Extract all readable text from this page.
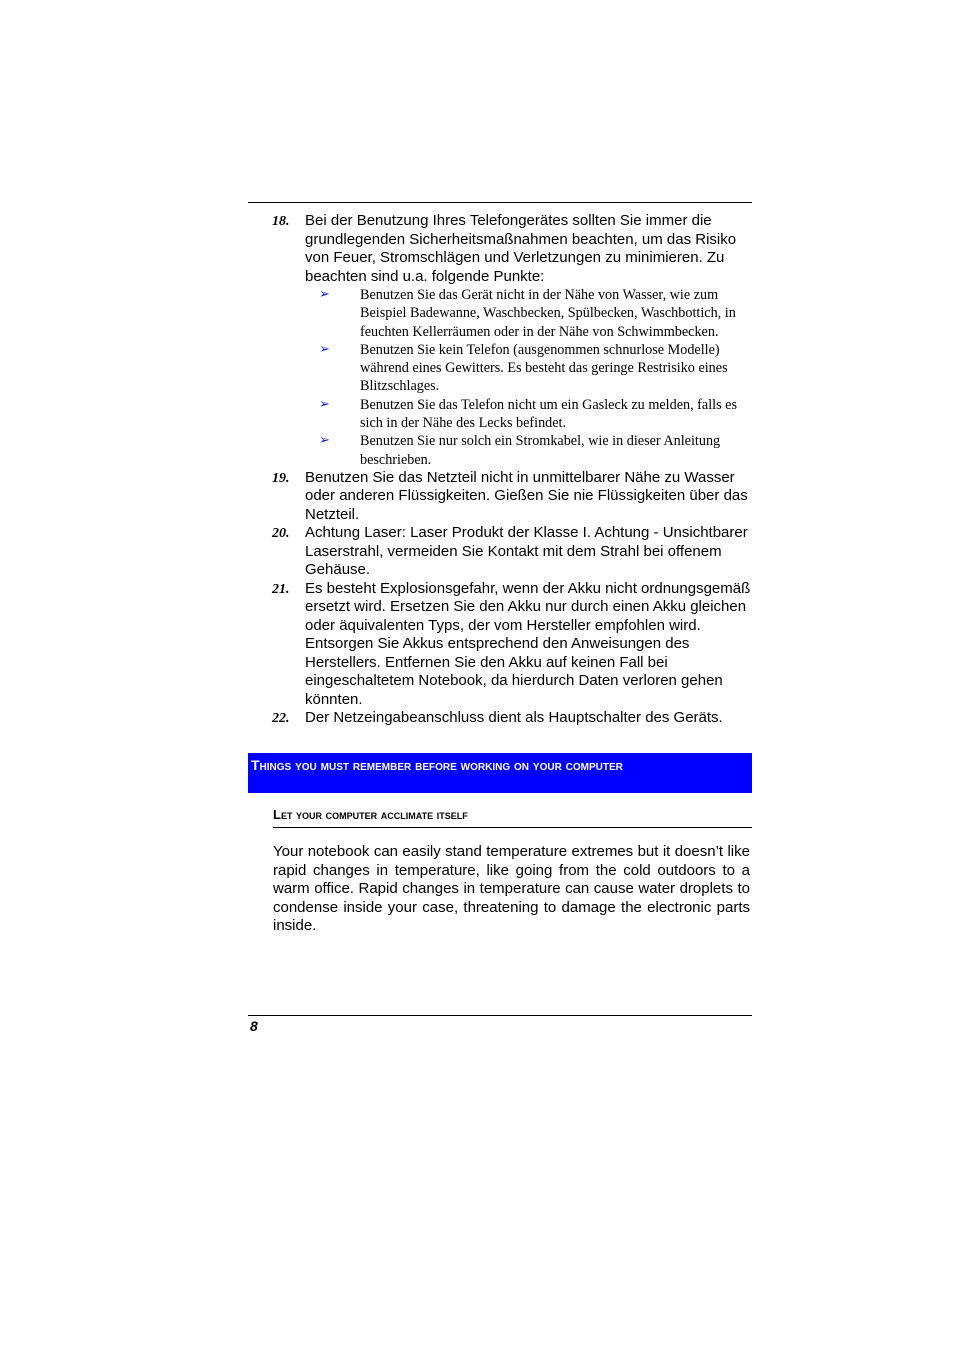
18.	Bei der Benutzung Ihres Telefongerätes sollten Sie immer die grundlegenden Sicherheitsmaßnahmen beachten, um das Risiko von Feuer, Stromschlägen und Verletzungen zu minimieren. Zu beachten sind u.a. folgende Punkte:
➢ Benutzen Sie das Gerät nicht in der Nähe von Wasser, wie zum Beispiel Badewanne, Waschbecken, Spülbecken, Waschbottich, in feuchten Kellerräumen oder in der Nähe von Schwimmbecken.
➢ Benutzen Sie kein Telefon (ausgenommen schnurlose Modelle) während eines Gewitters. Es besteht das geringe Restrisiko eines Blitzschlages.
➢ Benutzen Sie das Telefon nicht um ein Gasleck zu melden, falls es sich in der Nähe des Lecks befindet.
➢ Benutzen Sie nur solch ein Stromkabel, wie in dieser Anleitung beschrieben.
19.	Benutzen Sie das Netzteil nicht in unmittelbarer Nähe zu Wasser oder anderen Flüssigkeiten. Gießen Sie nie Flüssigkeiten über das Netzteil.
20.	Achtung Laser: Laser Produkt der Klasse I. Achtung - Unsichtbarer Laserstrahl, vermeiden Sie Kontakt mit dem Strahl bei offenem Gehäuse.
21.	Es besteht Explosionsgefahr, wenn der Akku nicht ordnungsgemäß ersetzt wird. Ersetzen Sie den Akku nur durch einen Akku gleichen oder äquivalenten Typs, der vom Hersteller empfohlen wird. Entsorgen Sie Akkus entsprechend den Anweisungen des Herstellers. Entfernen Sie den Akku auf keinen Fall bei eingeschaltetem Notebook, da hierdurch Daten verloren gehen könnten.
22.	Der Netzeingabeanschluss dient als Hauptschalter des Geräts.
Things you must remember before working on your computer
Let your computer acclimate itself
Your notebook can easily stand temperature extremes but it doesn’t like rapid changes in temperature, like going from the cold outdoors to a warm office. Rapid changes in temperature can cause water droplets to condense inside your case, threatening to damage the electronic parts inside.
8
